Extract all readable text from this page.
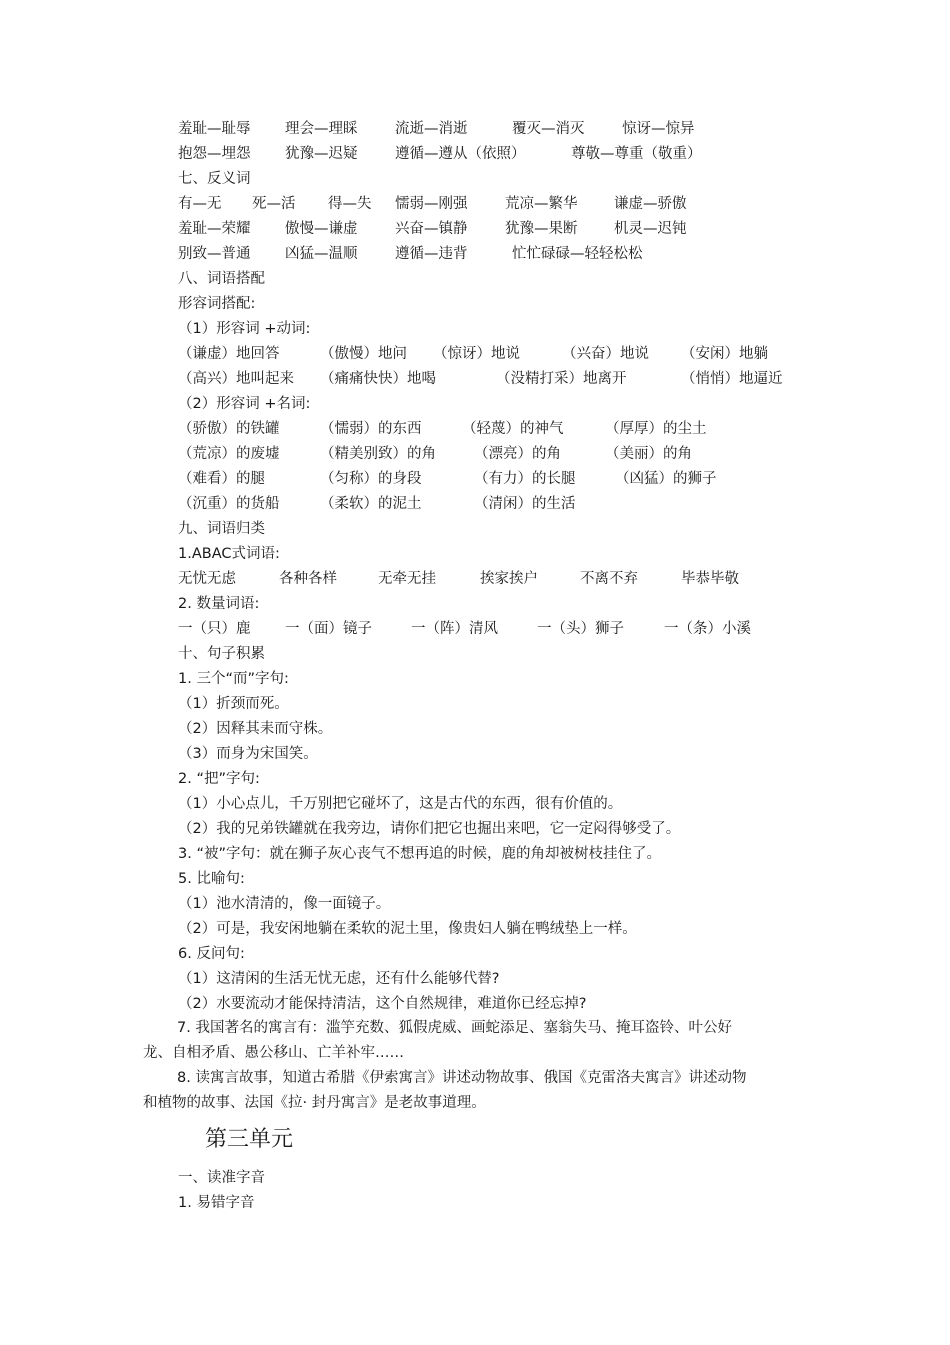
羞耻—耻辱 理会—理睬	流逝—消逝	覆灭—消灭	惊讶—惊异
抱怨—埋怨 犹豫—迟疑	遵循—遵从（依照）	尊敬—尊重（敬重）
七、反义词
有—无 死—活 得—失 懦弱—刚强	荒凉—繁华	谦虚—骄傲
羞耻—荣耀 傲慢—谦虚	兴奋—镇静	犹豫—果断	机灵—迟钝
别致—普通 凶猛—温顺	遵循—违背	忙忙碌碌—轻轻松松
八、词语搭配
形容词搭配:
（1）形容词 +动词:
（谦虚）地回答	（傲慢）地问 （惊讶）地说	（兴奋）地说 （安闲）地躺
（高兴）地叫起来 （痛痛快快）地喝	（没精打采）地离开	（悄悄）地逼近
（2）形容词 +名词:
（骄傲）的铁罐	（懦弱）的东西	（轻蔑）的神气	（厚厚）的尘土
（荒凉）的废墟	（精美别致）的角	（漂亮）的角	（美丽）的角
（难看）的腿	（匀称）的身段	（有力）的长腿	（凶猛）的狮子
（沉重）的货船	（柔软）的泥土	（清闲）的生活
九、词语归类
1.ABAC式词语:
无忧无虑	各种各样	无牵无挂	挨家挨户	不离不弃	毕恭毕敬
2. 数量词语:
一（只）鹿 一（面）镜子	一（阵）清风	一（头）狮子	一（条）小溪
十、句子积累
1. 三个“而”字句:
（1）折颈而死。
（2）因释其耒而守株。
（3）而身为宋国笑。
2. “把”字句:
（1）小心点儿，千万别把它碰坏了，这是古代的东西，很有价值的。
（2）我的兄弟铁罐就在我旁边，请你们把它也掘出来吧，它一定闷得够受了。
3. “被”字句：就在狮子灰心丧气不想再追的时候，鹿的角却被树枝挂住了。
5. 比喻句:
（1）池水清清的，像一面镜子。
（2）可是，我安闲地躺在柔软的泥土里，像贵妇人躺在鸭绒垫上一样。
6. 反问句:
（1）这清闲的生活无忧无虑，还有什么能够代替?
（2）水要流动才能保持清洁，这个自然规律，难道你已经忘掉?
7. 我国著名的寓言有：滥竽充数、狐假虎威、画蛇添足、塞翁失马、掩耳盗铃、叶公好龙、自相矛盾、愚公移山、亡羊补牢……
8. 读寓言故事，知道古希腊《伊索寓言》讲述动物故事、俄国《克雷洛夫寓言》讲述动物和植物的故事、法国《拉· 封丹寓言》是老故事道理。
第三单元
一、读准字音
1. 易错字音
